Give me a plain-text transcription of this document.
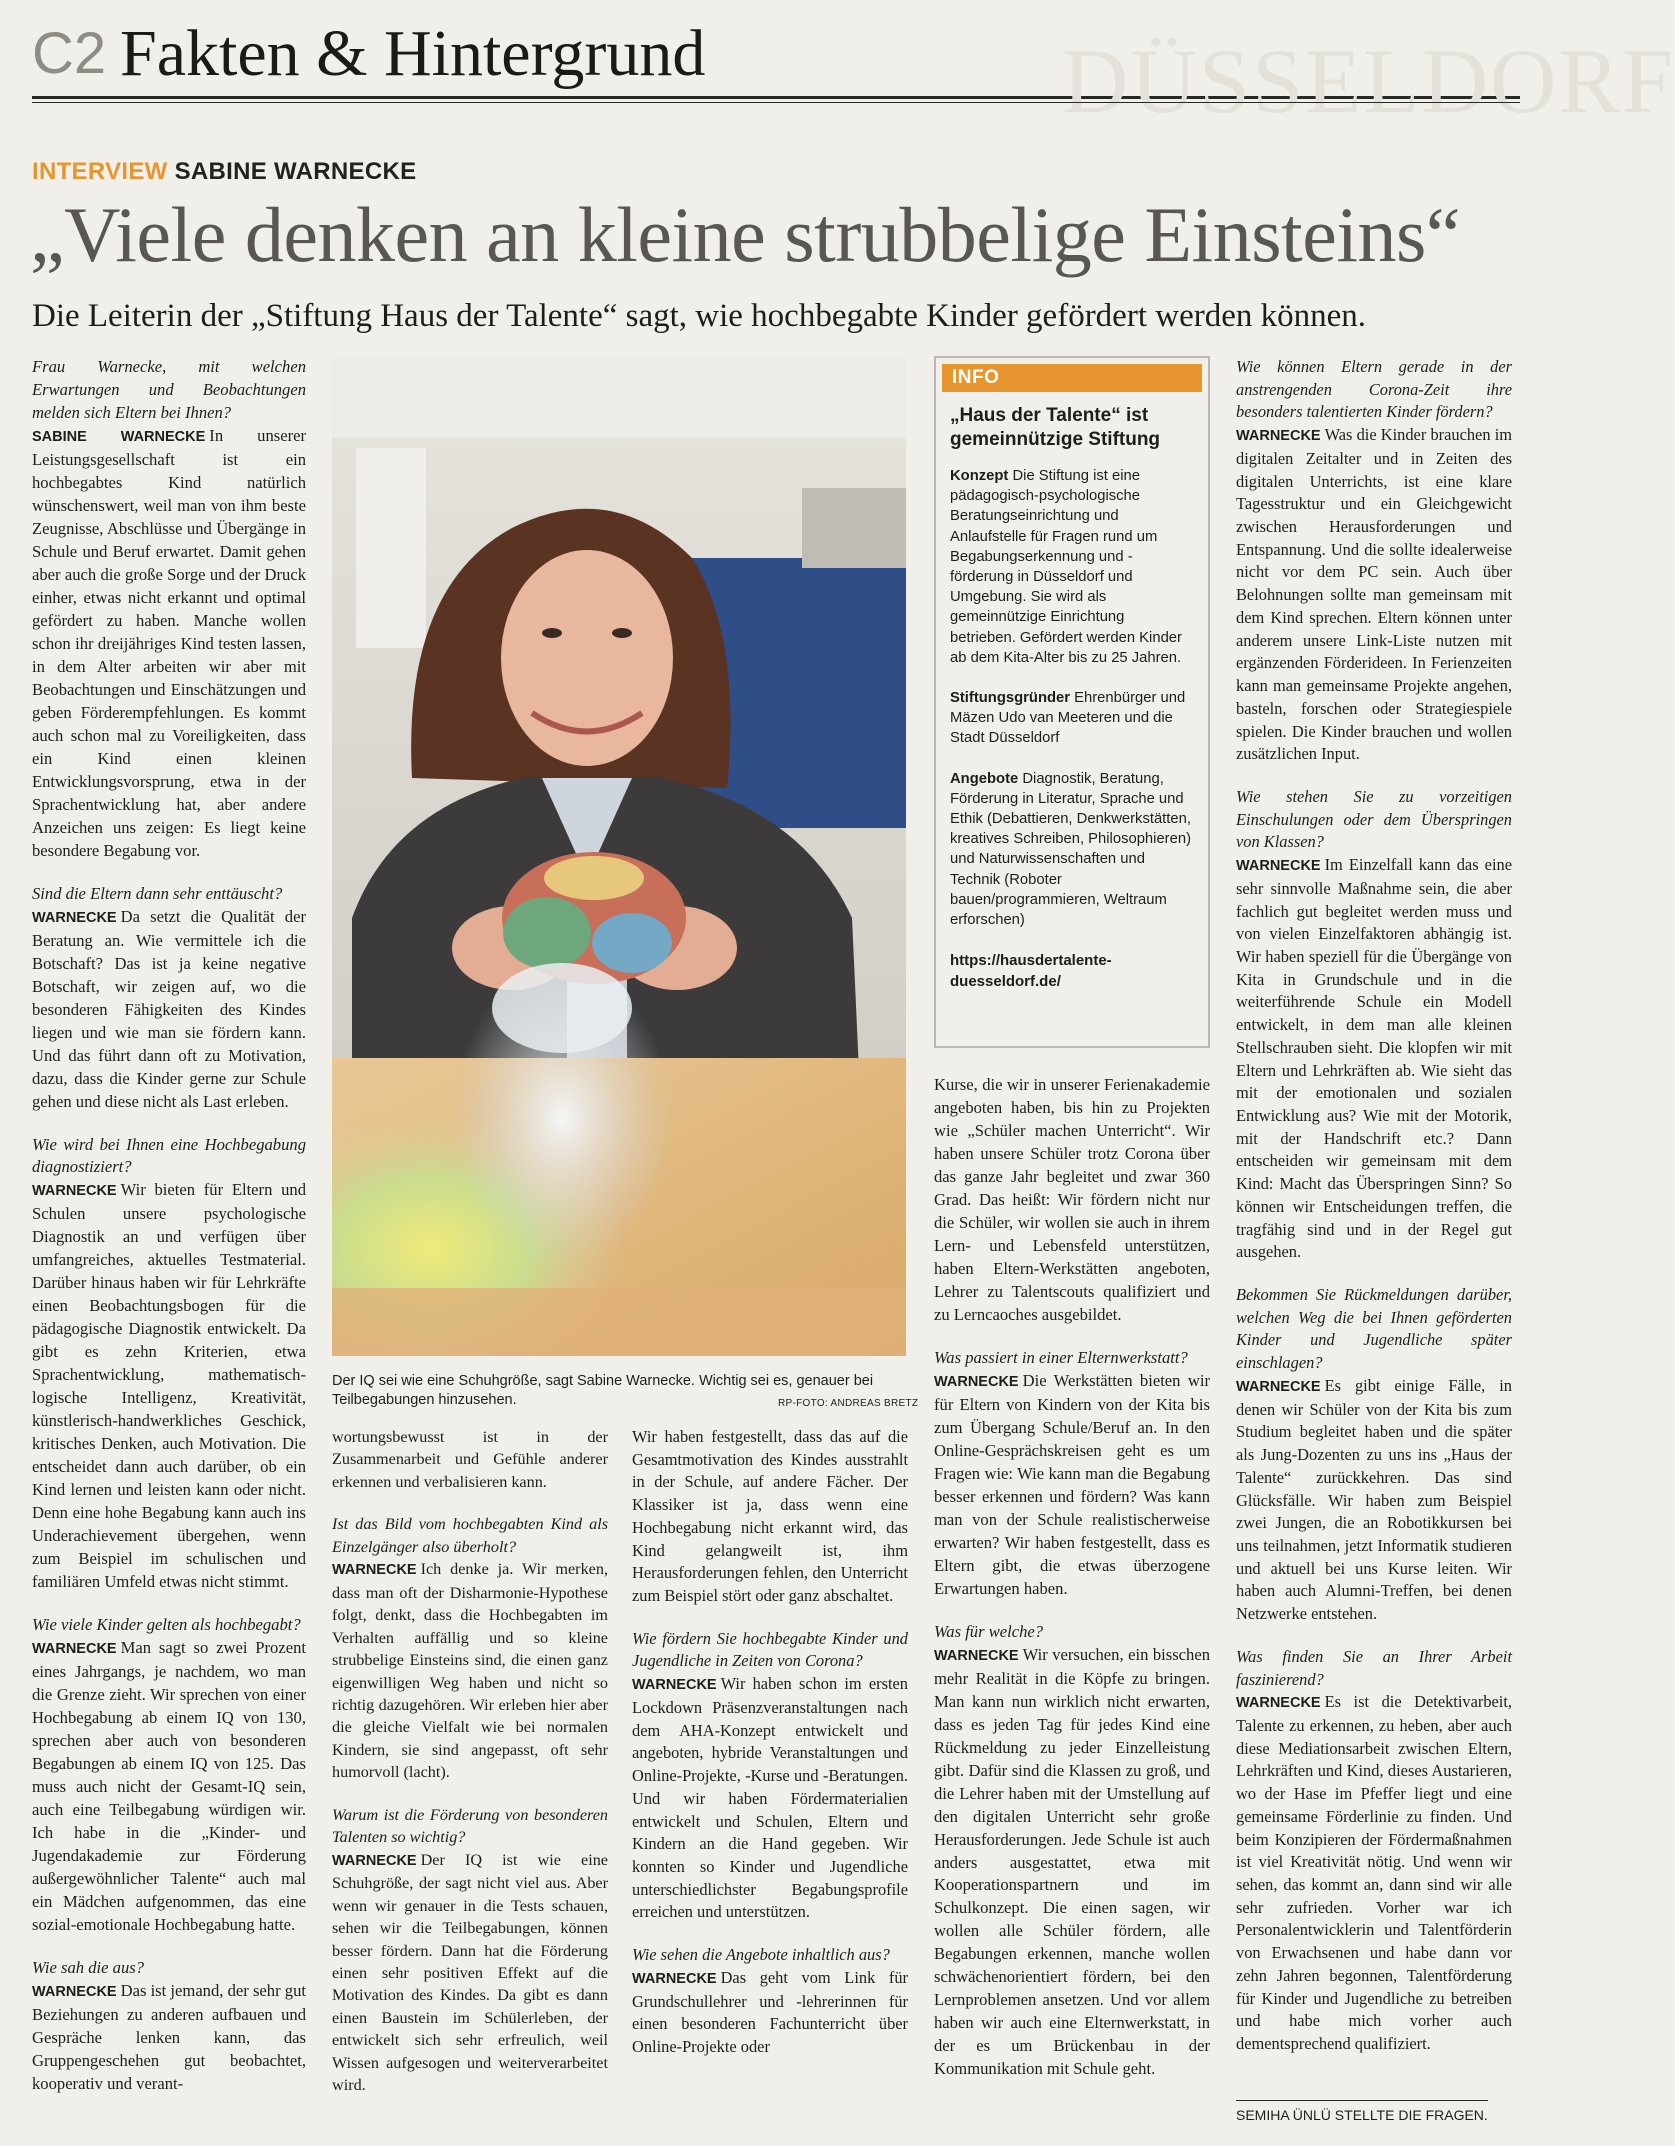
DÜSSELDORF
C2 Fakten & Hintergrund
INTERVIEW SABINE WARNECKE
„Viele denken an kleine strubbelige Einsteins“
Die Leiterin der „Stiftung Haus der Talente“ sagt, wie hochbegabte Kinder gefördert werden können.

Frau Warnecke, mit welchen Erwartungen und Beobachtungen melden sich Eltern bei Ihnen?
SABINE WARNECKE In unserer Leistungsgesellschaft ist ein hochbegabtes Kind natürlich wünschenswert, weil man von ihm beste Zeugnisse, Abschlüsse und Übergänge in Schule und Beruf erwartet. Damit gehen aber auch die große Sorge und der Druck einher, etwas nicht erkannt und optimal gefördert zu haben. Manche wollen schon ihr dreijähriges Kind testen lassen, in dem Alter arbeiten wir aber mit Beobachtungen und Einschätzungen und geben Förderempfehlungen. Es kommt auch schon mal zu Voreiligkeiten, dass ein Kind einen kleinen Entwicklungsvorsprung, etwa in der Sprachentwicklung hat, aber andere Anzeichen uns zeigen: Es liegt keine besondere Begabung vor.

Sind die Eltern dann sehr enttäuscht?
WARNECKE Da setzt die Qualität der Beratung an. Wie vermittele ich die Botschaft? Das ist ja keine negative Botschaft, wir zeigen auf, wo die besonderen Fähigkeiten des Kindes liegen und wie man sie fördern kann. Und das führt dann oft zu Motivation, dazu, dass die Kinder gerne zur Schule gehen und diese nicht als Last erleben.

Wie wird bei Ihnen eine Hochbegabung diagnostiziert?
WARNECKE Wir bieten für Eltern und Schulen unsere psychologische Diagnostik an und verfügen über umfangreiches, aktuelles Testmaterial. Darüber hinaus haben wir für Lehrkräfte einen Beobachtungsbogen für die pädagogische Diagnostik entwickelt. Da gibt es zehn Kriterien, etwa Sprachentwicklung, mathematisch-logische Intelligenz, Kreativität, künstlerisch-handwerkliches Geschick, kritisches Denken, auch Motivation. Die entscheidet dann auch darüber, ob ein Kind lernen und leisten kann oder nicht. Denn eine hohe Begabung kann auch ins Underachievement übergehen, wenn zum Beispiel im schulischen und familiären Umfeld etwas nicht stimmt.

Wie viele Kinder gelten als hochbegabt?
WARNECKE Man sagt so zwei Prozent eines Jahrgangs, je nachdem, wo man die Grenze zieht. Wir sprechen von einer Hochbegabung ab einem IQ von 130, sprechen aber auch von besonderen Begabungen ab einem IQ von 125. Das muss auch nicht der Gesamt-IQ sein, auch eine Teilbegabung würdigen wir. Ich habe in die „Kinder- und Jugendakademie zur Förderung außergewöhnlicher Talente“ auch mal ein Mädchen aufgenommen, das eine sozial-emotionale Hochbegabung hatte.

Wie sah die aus?
WARNECKE Das ist jemand, der sehr gut Beziehungen zu anderen aufbauen und Gespräche lenken kann, das Gruppengeschehen gut beobachtet, kooperativ und verant-

wortungsbewusst ist in der Zusammenarbeit und Gefühle anderer erkennen und verbalisieren kann.

Ist das Bild vom hochbegabten Kind als Einzelgänger also überholt?
WARNECKE Ich denke ja. Wir merken, dass man oft der Disharmonie-Hypothese folgt, denkt, dass die Hochbegabten im Verhalten auffällig und so kleine strubbelige Einsteins sind, die einen ganz eigenwilligen Weg haben und nicht so richtig dazugehören. Wir erleben hier aber die gleiche Vielfalt wie bei normalen Kindern, sie sind angepasst, oft sehr humorvoll (lacht).

Warum ist die Förderung von besonderen Talenten so wichtig?
WARNECKE Der IQ ist wie eine Schuhgröße, der sagt nicht viel aus. Aber wenn wir genauer in die Tests schauen, sehen wir die Teilbegabungen, können besser fördern. Dann hat die Förderung einen sehr positiven Effekt auf die Motivation des Kindes. Da gibt es dann einen Baustein im Schülerleben, der entwickelt sich sehr erfreulich, weil Wissen aufgesogen und weiterverarbeitet wird.

Wir haben festgestellt, dass das auf die Gesamtmotivation des Kindes ausstrahlt in der Schule, auf andere Fächer. Der Klassiker ist ja, dass wenn eine Hochbegabung nicht erkannt wird, das Kind gelangweilt ist, ihm Herausforderungen fehlen, den Unterricht zum Beispiel stört oder ganz abschaltet.

Wie fördern Sie hochbegabte Kinder und Jugendliche in Zeiten von Corona?
WARNECKE Wir haben schon im ersten Lockdown Präsenzveranstaltungen nach dem AHA-Konzept entwickelt und angeboten, hybride Veranstaltungen und Online-Projekte, -Kurse und -Beratungen. Und wir haben Fördermaterialien entwickelt und Schulen, Eltern und Kindern an die Hand gegeben. Wir konnten so Kinder und Jugendliche unterschiedlichster Begabungsprofile erreichen und unterstützen.

Wie sehen die Angebote inhaltlich aus?
WARNECKE Das geht vom Link für Grundschullehrer und -lehrerinnen für einen besonderen Fachunterricht über Online-Projekte oder

Kurse, die wir in unserer Ferienakademie angeboten haben, bis hin zu Projekten wie „Schüler machen Unterricht“. Wir haben unsere Schüler trotz Corona über das ganze Jahr begleitet und zwar 360 Grad. Das heißt: Wir fördern nicht nur die Schüler, wir wollen sie auch in ihrem Lern- und Lebensfeld unterstützen, haben Eltern-Werkstätten angeboten, Lehrer zu Talentscouts qualifiziert und zu Lerncaoches ausgebildet.

Was passiert in einer Elternwerkstatt?
WARNECKE Die Werkstätten bieten wir für Eltern von Kindern von der Kita bis zum Übergang Schule/Beruf an. In den Online-Gesprächskreisen geht es um Fragen wie: Wie kann man die Begabung besser erkennen und fördern? Was kann man von der Schule realistischerweise erwarten? Wir haben festgestellt, dass es Eltern gibt, die etwas überzogene Erwartungen haben.

Was für welche?
WARNECKE Wir versuchen, ein bisschen mehr Realität in die Köpfe zu bringen. Man kann nun wirklich nicht erwarten, dass es jeden Tag für jedes Kind eine Rückmeldung zu jeder Einzelleistung gibt. Dafür sind die Klassen zu groß, und die Lehrer haben mit der Umstellung auf den digitalen Unterricht sehr große Herausforderungen. Jede Schule ist auch anders ausgestattet, etwa mit Kooperationspartnern und im Schulkonzept. Die einen sagen, wir wollen alle Schüler fördern, alle Begabungen erkennen, manche wollen schwächenorientiert fördern, bei den Lernproblemen ansetzen. Und vor allem haben wir auch eine Elternwerkstatt, in der es um Brückenbau in der Kommunikation mit Schule geht.

Wie können Eltern gerade in der anstrengenden Corona-Zeit ihre besonders talentierten Kinder fördern?
WARNECKE Was die Kinder brauchen im digitalen Zeitalter und in Zeiten des digitalen Unterrichts, ist eine klare Tagesstruktur und ein Gleichgewicht zwischen Herausforderungen und Entspannung. Und die sollte idealerweise nicht vor dem PC sein. Auch über Belohnungen sollte man gemeinsam mit dem Kind sprechen. Eltern können unter anderem unsere Link-Liste nutzen mit ergänzenden Förderideen. In Ferienzeiten kann man gemeinsame Projekte angehen, basteln, forschen oder Strategiespiele spielen. Die Kinder brauchen und wollen zusätzlichen Input.

Wie stehen Sie zu vorzeitigen Einschulungen oder dem Überspringen von Klassen?
WARNECKE Im Einzelfall kann das eine sehr sinnvolle Maßnahme sein, die aber fachlich gut begleitet werden muss und von vielen Einzelfaktoren abhängig ist. Wir haben speziell für die Übergänge von Kita in Grundschule und in die weiterführende Schule ein Modell entwickelt, in dem man alle kleinen Stellschrauben sieht. Die klopfen wir mit Eltern und Lehrkräften ab. Wie sieht das mit der emotionalen und sozialen Entwicklung aus? Wie mit der Motorik, mit der Handschrift etc.? Dann entscheiden wir gemeinsam mit dem Kind: Macht das Überspringen Sinn? So können wir Entscheidungen treffen, die tragfähig sind und in der Regel gut ausgehen.

Bekommen Sie Rückmeldungen darüber, welchen Weg die bei Ihnen geförderten Kinder und Jugendliche später einschlagen?
WARNECKE Es gibt einige Fälle, in denen wir Schüler von der Kita bis zum Studium begleitet haben und die später als Jung-Dozenten zu uns ins „Haus der Talente“ zurückkehren. Das sind Glücksfälle. Wir haben zum Beispiel zwei Jungen, die an Robotikkursen bei uns teilnahmen, jetzt Informatik studieren und aktuell bei uns Kurse leiten. Wir haben auch Alumni-Treffen, bei denen Netzwerke entstehen.

Was finden Sie an Ihrer Arbeit faszinierend?
WARNECKE Es ist die Detektivarbeit, Talente zu erkennen, zu heben, aber auch diese Mediationsarbeit zwischen Eltern, Lehrkräften und Kind, dieses Austarieren, wo der Hase im Pfeffer liegt und eine gemeinsame Förderlinie zu finden. Und beim Konzipieren der Fördermaßnahmen ist viel Kreativität nötig. Und wenn wir sehen, das kommt an, dann sind wir alle sehr zufrieden. Vorher war ich Personalentwicklerin und Talentförderin von Erwachsenen und habe dann vor zehn Jahren begonnen, Talentförderung für Kinder und Jugendliche zu betreiben und habe mich vorher auch dementsprechend qualifiziert.

Der IQ sei wie eine Schuhgröße, sagt Sabine Warnecke. Wichtig sei es, genauer bei Teilbegabungen hinzusehen.	RP-FOTO: ANDREAS BRETZ
INFO
„Haus der Talente“ ist gemeinnützige Stiftung

Konzept Die Stiftung ist eine pädagogisch-psychologische Beratungseinrichtung und Anlaufstelle für Fragen rund um Begabungserkennung und -förderung in Düsseldorf und Umgebung. Sie wird als gemeinnützige Einrichtung betrieben. Gefördert werden Kinder ab dem Kita-Alter bis zu 25 Jahren.

Stiftungsgründer Ehrenbürger und Mäzen Udo van Meeteren und die Stadt Düsseldorf

Angebote Diagnostik, Beratung, Förderung in Literatur, Sprache und Ethik (Debattieren, Denkwerkstätten, kreatives Schreiben, Philosophieren) und Naturwissenschaften und Technik (Roboter bauen/programmieren, Weltraum erforschen)

https://hausdertalente-duesseldorf.de/
SEMIHA ÜNLÜ STELLTE DIE FRAGEN.
